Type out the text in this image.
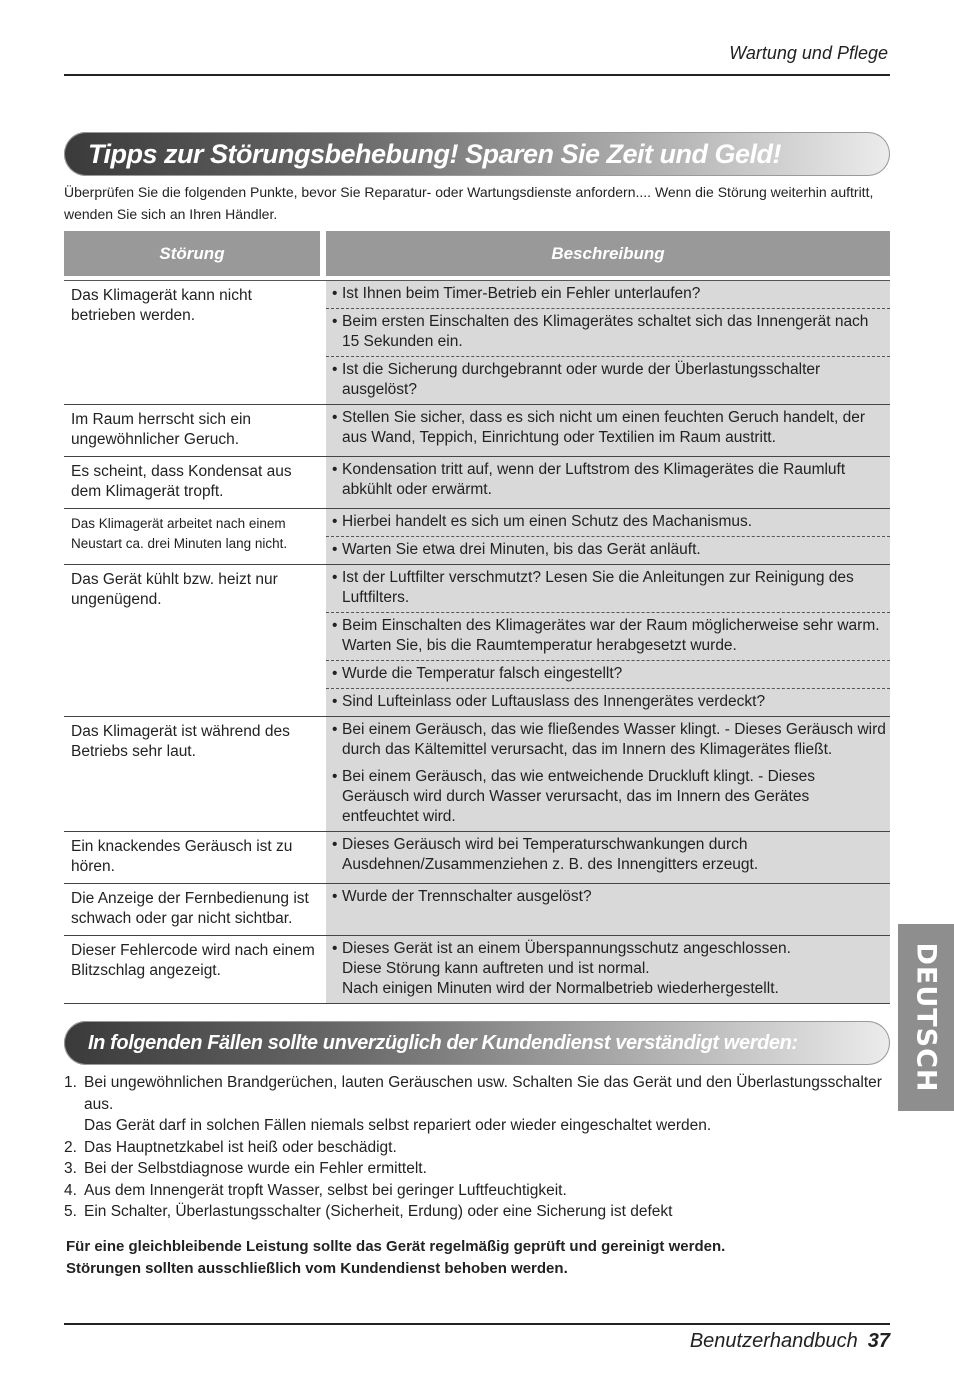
Wartung und Pflege
Tipps zur Störungsbehebung! Sparen Sie Zeit und Geld!
Überprüfen Sie die folgenden Punkte, bevor Sie Reparatur- oder Wartungsdienste anfordern.... Wenn die Störung weiterhin auftritt, wenden Sie sich an Ihren Händler.
Störung	Beschreibung
Das Klimagerät kann nicht betrieben werden.
• Ist Ihnen beim Timer-Betrieb ein Fehler unterlaufen?
• Beim ersten Einschalten des Klimagerätes schaltet sich das Innengerät nach 15 Sekunden ein.
• Ist die Sicherung durchgebrannt oder wurde der Überlastungsschalter ausgelöst?
Im Raum herrscht sich ein ungewöhnlicher Geruch.
• Stellen Sie sicher, dass es sich nicht um einen feuchten Geruch handelt, der aus Wand, Teppich, Einrichtung oder Textilien im Raum austritt.
Es scheint, dass Kondensat aus dem Klimagerät tropft.
• Kondensation tritt auf, wenn der Luftstrom des Klimagerätes die Raumluft abkühlt oder erwärmt.
Das Klimagerät arbeitet nach einem Neustart ca. drei Minuten lang nicht.
• Hierbei handelt es sich um einen Schutz des Machanismus.
• Warten Sie etwa drei Minuten, bis das Gerät anläuft.
Das Gerät kühlt bzw. heizt nur ungenügend.
• Ist der Luftfilter verschmutzt? Lesen Sie die Anleitungen zur Reinigung des Luftfilters.
• Beim Einschalten des Klimagerätes war der Raum möglicherweise sehr warm. Warten Sie, bis die Raumtemperatur herabgesetzt wurde.
• Wurde die Temperatur falsch eingestellt?
• Sind Lufteinlass oder Luftauslass des Innengerätes verdeckt?
Das Klimagerät ist während des Betriebs sehr laut.
• Bei einem Geräusch, das wie fließendes Wasser klingt. - Dieses Geräusch wird durch das Kältemittel verursacht, das im Innern des Klimagerätes fließt.
• Bei einem Geräusch, das wie entweichende Druckluft klingt. - Dieses Geräusch wird durch Wasser verursacht, das im Innern des Gerätes entfeuchtet wird.
Ein knackendes Geräusch ist zu hören.
• Dieses Geräusch wird bei Temperaturschwankungen durch Ausdehnen/Zusammenziehen z. B. des Innengitters erzeugt.
Die Anzeige der Fernbedienung ist schwach oder gar nicht sichtbar.
• Wurde der Trennschalter ausgelöst?
Dieser Fehlercode wird nach einem Blitzschlag angezeigt.
• Dieses Gerät ist an einem Überspannungsschutz angeschlossen.
Diese Störung kann auftreten und ist normal.
Nach einigen Minuten wird der Normalbetrieb wiederhergestellt.	DEUTSCH
In folgenden Fällen sollte unverzüglich der Kundendienst verständigt werden:
1. Bei ungewöhnlichen Brandgerüchen, lauten Geräuschen usw. Schalten Sie das Gerät und den Überlastungsschalter aus.
Das Gerät darf in solchen Fällen niemals selbst repariert oder wieder eingeschaltet werden.
2. Das Hauptnetzkabel ist heiß oder beschädigt.
3. Bei der Selbstdiagnose wurde ein Fehler ermittelt.
4. Aus dem Innengerät tropft Wasser, selbst bei geringer Luftfeuchtigkeit.
5. Ein Schalter, Überlastungsschalter (Sicherheit, Erdung) oder eine Sicherung ist defekt
Für eine gleichbleibende Leistung sollte das Gerät regelmäßig geprüft und gereinigt werden.
Störungen sollten ausschließlich vom Kundendienst behoben werden.
Benutzerhandbuch 37
